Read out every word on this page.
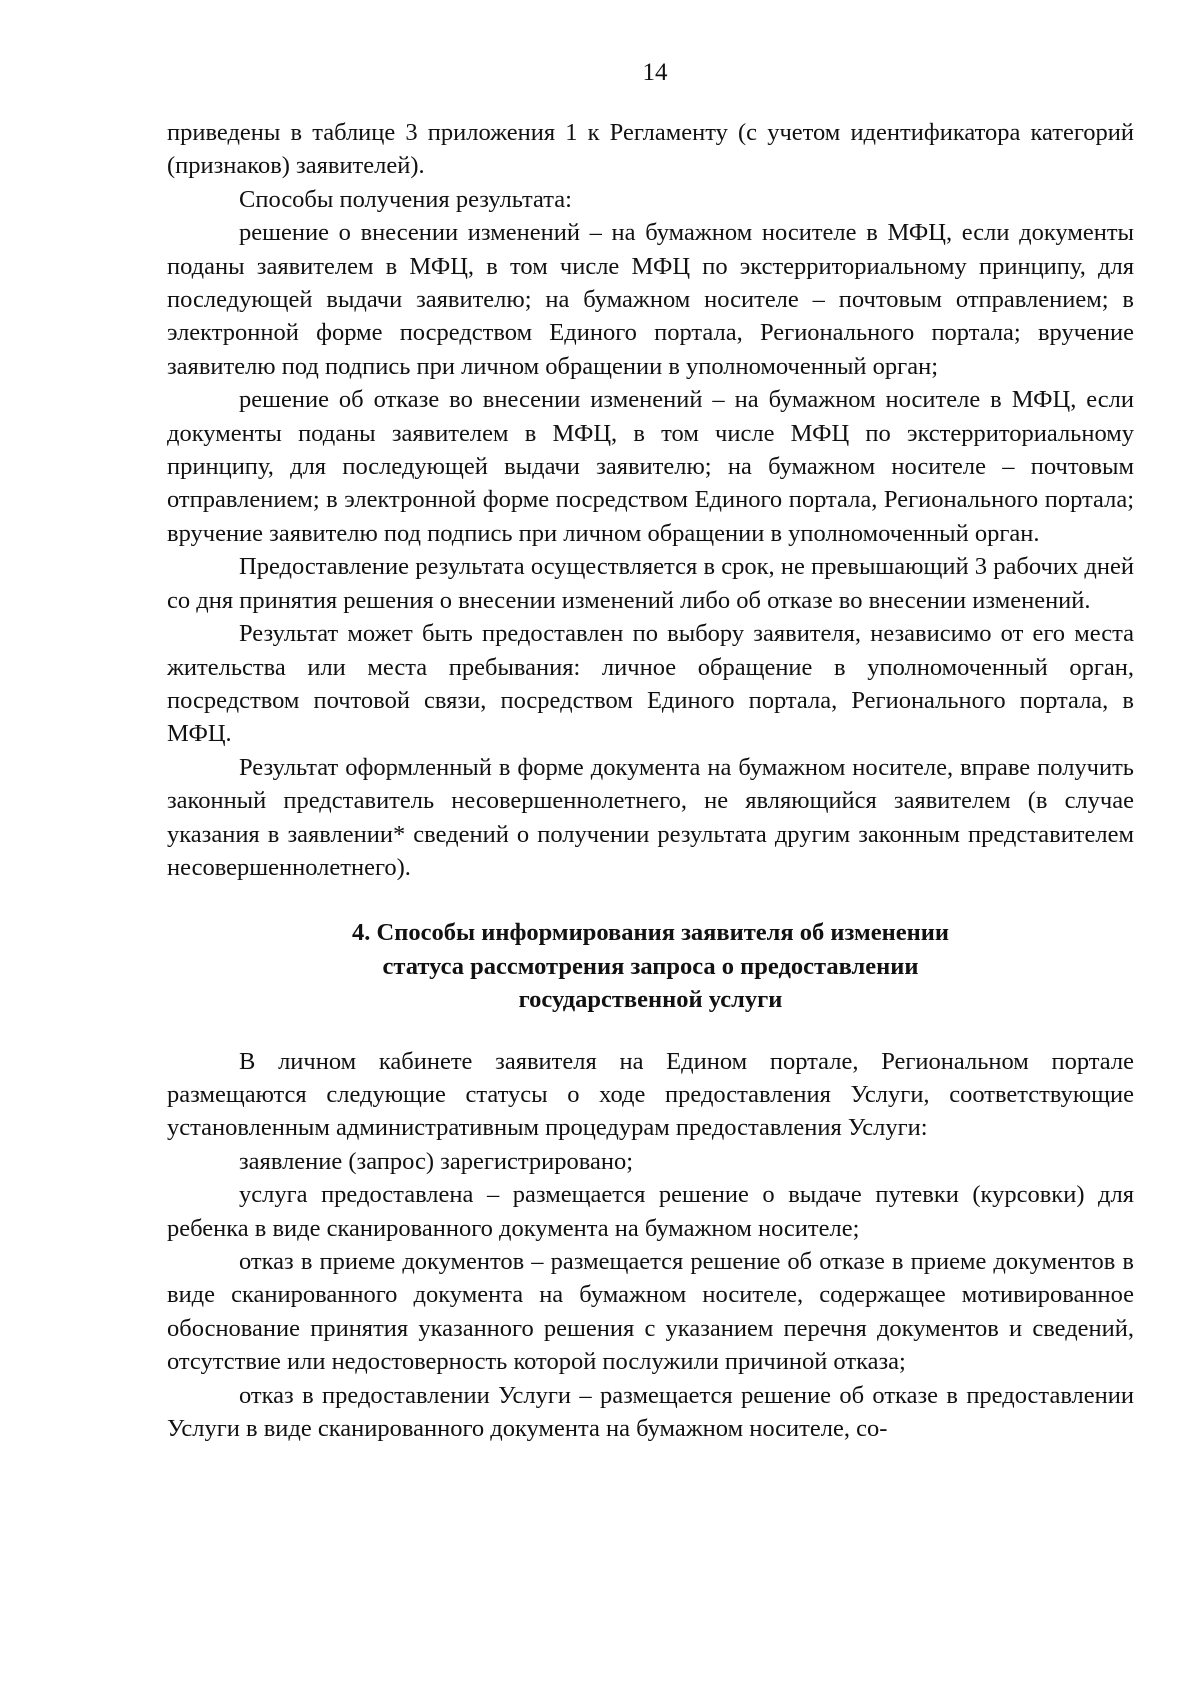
14

приведены в таблице 3 приложения 1 к Регламенту (с учетом идентификатора категорий (признаков) заявителей).

Способы получения результата:

решение о внесении изменений – на бумажном носителе в МФЦ, если документы поданы заявителем в МФЦ, в том числе МФЦ по экстерриториальному принципу, для последующей выдачи заявителю; на бумажном носителе – почтовым отправлением; в электронной форме посредством Единого портала, Регионального портала; вручение заявителю под подпись при личном обращении в уполномоченный орган;

решение об отказе во внесении изменений – на бумажном носителе в МФЦ, если документы поданы заявителем в МФЦ, в том числе МФЦ по экстерриториальному принципу, для последующей выдачи заявителю; на бумажном носителе – почтовым отправлением; в электронной форме посредством Единого портала, Регионального портала; вручение заявителю под подпись при личном обращении в уполномоченный орган.

Предоставление результата осуществляется в срок, не превышающий 3 рабочих дней со дня принятия решения о внесении изменений либо об отказе во внесении изменений.

Результат может быть предоставлен по выбору заявителя, независимо от его места жительства или места пребывания: личное обращение в уполномоченный орган, посредством почтовой связи, посредством Единого портала, Регионального портала, в МФЦ.

Результат оформленный в форме документа на бумажном носителе, вправе получить законный представитель несовершеннолетнего, не являющийся заявителем (в случае указания в заявлении* сведений о получении результата другим законным представителем несовершеннолетнего).

4. Способы информирования заявителя об изменении
статуса рассмотрения запроса о предоставлении
государственной услуги

В личном кабинете заявителя на Едином портале, Региональном портале размещаются следующие статусы о ходе предоставления Услуги, соответствующие установленным административным процедурам предоставления Услуги:

заявление (запрос) зарегистрировано;

услуга предоставлена – размещается решение о выдаче путевки (курсовки) для ребенка в виде сканированного документа на бумажном носителе;

отказ в приеме документов – размещается решение об отказе в приеме документов в виде сканированного документа на бумажном носителе, содержащее мотивированное обоснование принятия указанного решения с указанием перечня документов и сведений, отсутствие или недостоверность которой послужили причиной отказа;

отказ в предоставлении Услуги – размещается решение об отказе в предоставлении Услуги в виде сканированного документа на бумажном носителе, со-
